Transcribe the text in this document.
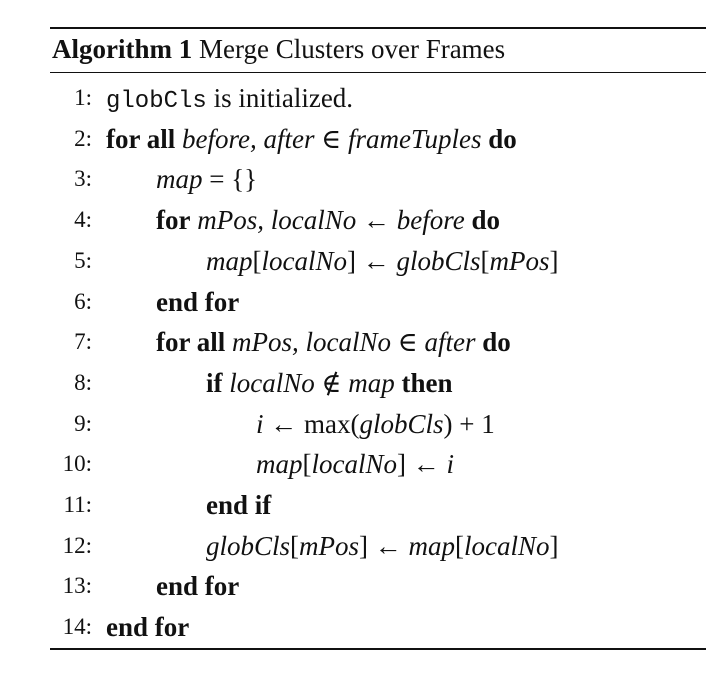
Algorithm 1 Merge Clusters over Frames
1: globCls is initialized.
2: for all before, after ∈ frameTuples do
3: map = {}
4: for mPos, localNo ← before do
5:	map[localNo] ← globCls[mPos]
6: end for
7: for all mPos, localNo ∈ after do
8:	if localNo ∉ map then
9:	i ← max(globCls) + 1
10:	map[localNo] ← i
11:	end if
12:	globCls[mPos] ← map[localNo]
13: end for
14: end for
